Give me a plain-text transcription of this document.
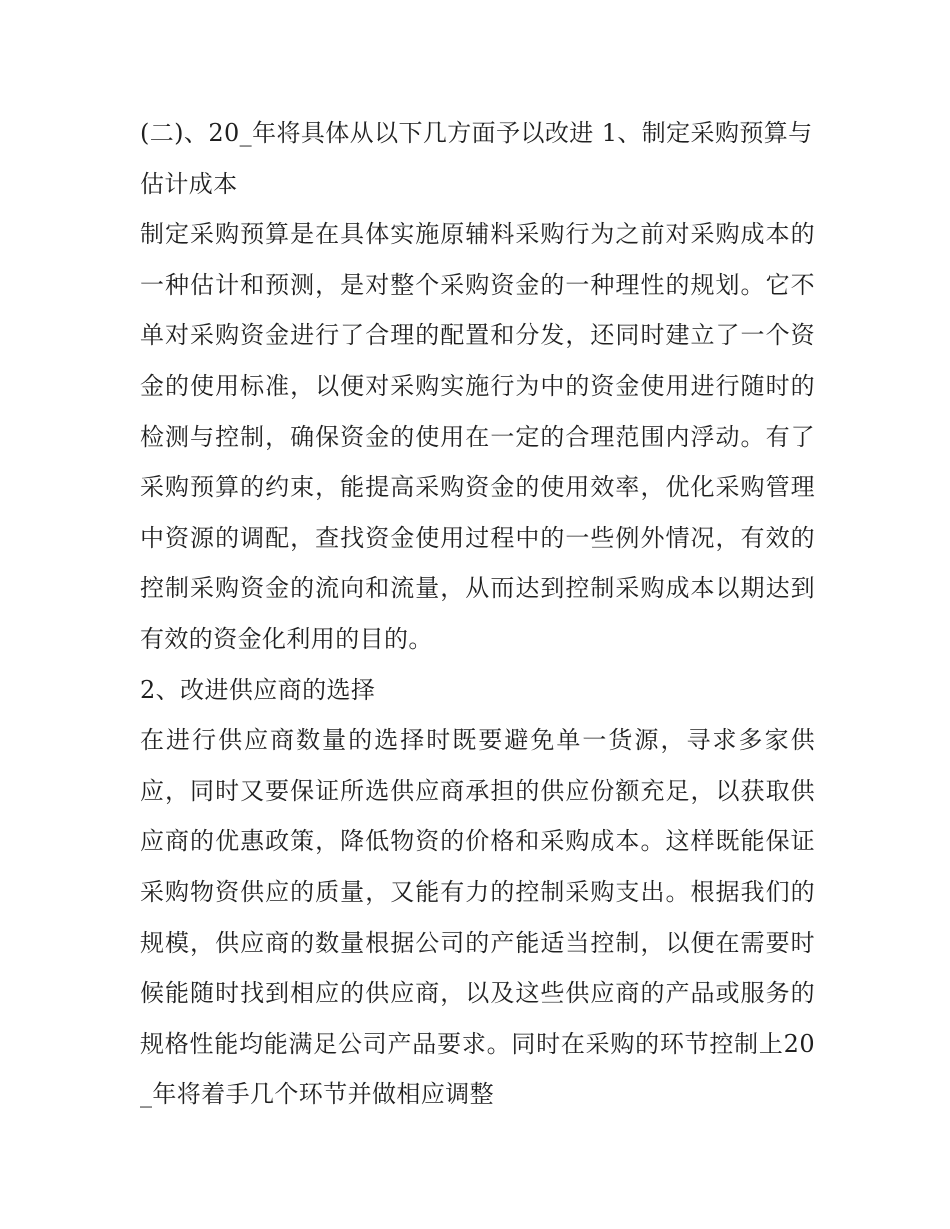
(二)、20_年将具体从以下几方面予以改进 1、制定采购预算与估计成本

制定采购预算是在具体实施原辅料采购行为之前对采购成本的一种估计和预测，是对整个采购资金的一种理性的规划。它不单对采购资金进行了合理的配置和分发，还同时建立了一个资金的使用标准，以便对采购实施行为中的资金使用进行随时的检测与控制，确保资金的使用在一定的合理范围内浮动。有了采购预算的约束，能提高采购资金的使用效率，优化采购管理中资源的调配，查找资金使用过程中的一些例外情况，有效的控制采购资金的流向和流量，从而达到控制采购成本以期达到有效的资金化利用的目的。

2、改进供应商的选择

在进行供应商数量的选择时既要避免单一货源，寻求多家供应，同时又要保证所选供应商承担的供应份额充足，以获取供应商的优惠政策，降低物资的价格和采购成本。这样既能保证采购物资供应的质量，又能有力的控制采购支出。根据我们的规模，供应商的数量根据公司的产能适当控制，以便在需要时候能随时找到相应的供应商，以及这些供应商的产品或服务的规格性能均能满足公司产品要求。同时在采购的环节控制上20_年将着手几个环节并做相应调整
